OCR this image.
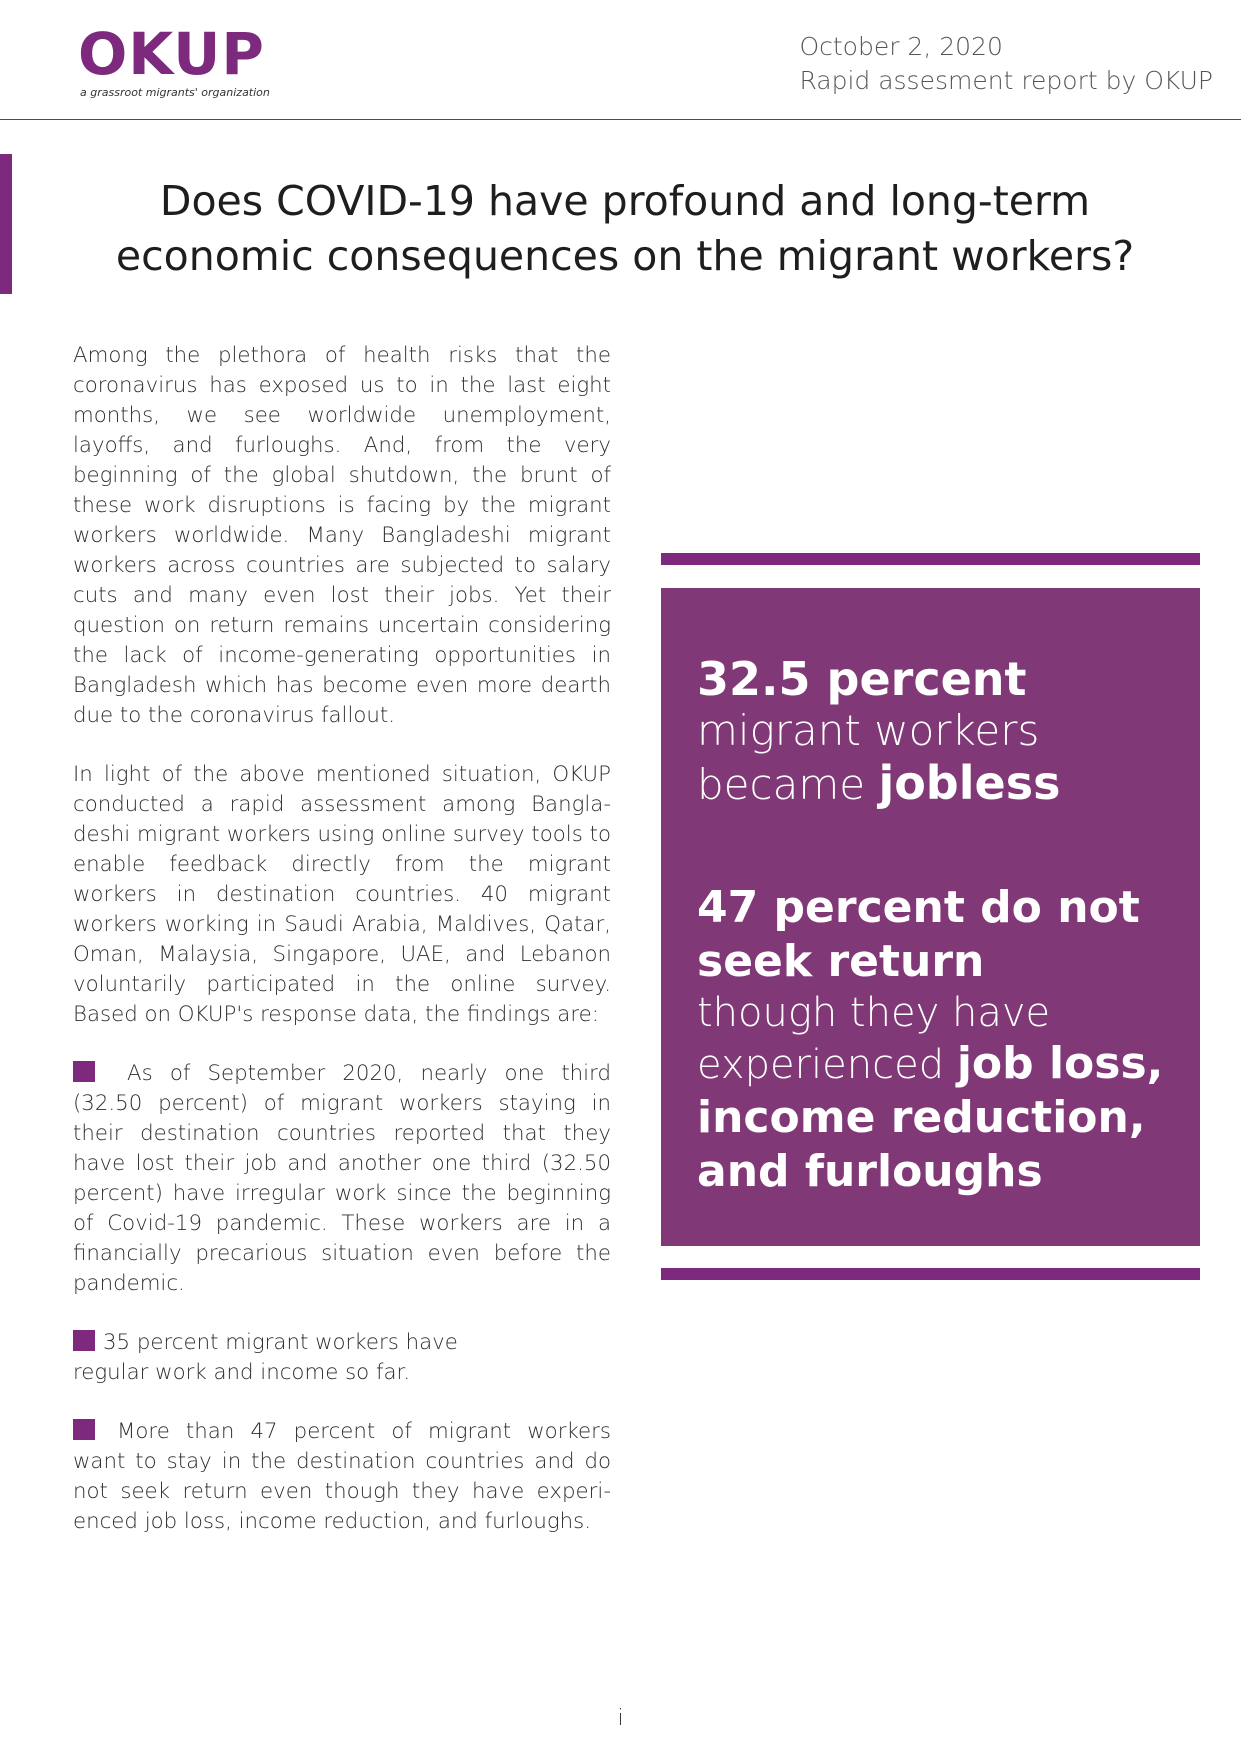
OKUP
a grassroot migrants' organization
October 2, 2020
Rapid assesment report by OKUP
Does COVID-19 have profound and long-term
economic consequences on the migrant workers?

Among the plethora of health risks that the coronavirus has exposed us to in the last eight months, we see worldwide unemployment, layoffs, and furloughs. And, from the very beginning of the global shutdown, the brunt of these work disruptions is facing by the migrant workers worldwide. Many Bangladeshi migrant workers across countries are subjected to salary cuts and many even lost their jobs. Yet their question on return remains uncertain considering the lack of income-generating opportunities in Bangladesh which has become even more dearth due to the coronavirus fallout.

In light of the above mentioned situation, OKUP conducted a rapid assessment among Bangladeshi migrant workers using online survey tools to enable feedback directly from the migrant workers in destination countries. 40 migrant workers working in Saudi Arabia, Maldives, Qatar, Oman, Malaysia, Singapore, UAE, and Lebanon voluntarily participated in the online survey. Based on OKUP's response data, the findings are:

As of September 2020, nearly one third (32.50 percent) of migrant workers staying in their destination countries reported that they have lost their job and another one third (32.50 percent) have irregular work since the beginning of Covid-19 pandemic. These workers are in a financially precarious situation even before the pandemic.

35 percent migrant workers have regular work and income so far.

More than 47 percent of migrant workers want to stay in the destination countries and do not seek return even though they have experienced job loss, income reduction, and furloughs.

32.5 percent
migrant workers
became jobless
47 percent do not
seek return
though they have
experienced job loss,
income reduction,
and furloughs
i
